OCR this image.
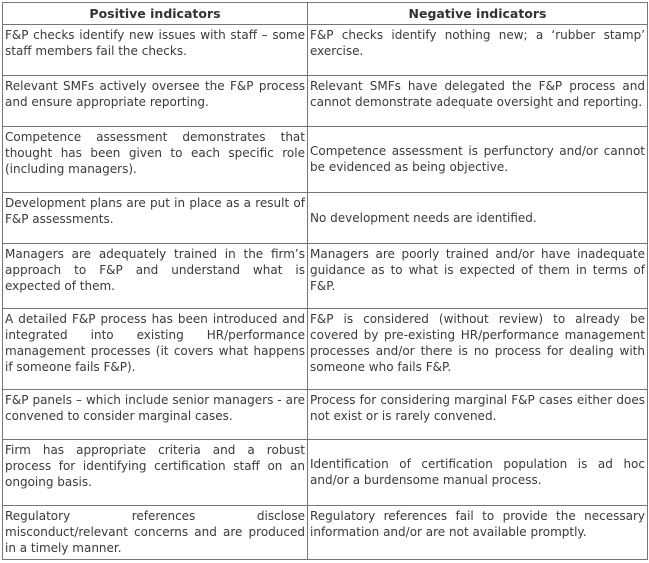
Positive indicators	Negative indicators
F&P checks identify new issues with staff – some staff members fail the checks.	F&P checks identify nothing new; a ‘rubber stamp’ exercise.
Relevant SMFs actively oversee the F&P process and ensure appropriate reporting.	Relevant SMFs have delegated the F&P process and cannot demonstrate adequate oversight and reporting.
Competence assessment demonstrates that thought has been given to each specific role (including managers).	Competence assessment is perfunctory and/or cannot be evidenced as being objective.
Development plans are put in place as a result of F&P assessments.	No development needs are identified.
Managers are adequately trained in the firm’s approach to F&P and understand what is expected of them.	Managers are poorly trained and/or have inadequate guidance as to what is expected of them in terms of F&P.
A detailed F&P process has been introduced and integrated into existing HR/performance management processes (it covers what happens if someone fails F&P).	F&P is considered (without review) to already be covered by pre-existing HR/performance management processes and/or there is no process for dealing with someone who fails F&P.
F&P panels – which include senior managers - are convened to consider marginal cases.	Process for considering marginal F&P cases either does not exist or is rarely convened.
Firm has appropriate criteria and a robust process for identifying certification staff on an ongoing basis.	Identification of certification population is ad hoc and/or a burdensome manual process.
Regulatory references disclose misconduct/relevant concerns and are produced in a timely manner.	Regulatory references fail to provide the necessary information and/or are not available promptly.
